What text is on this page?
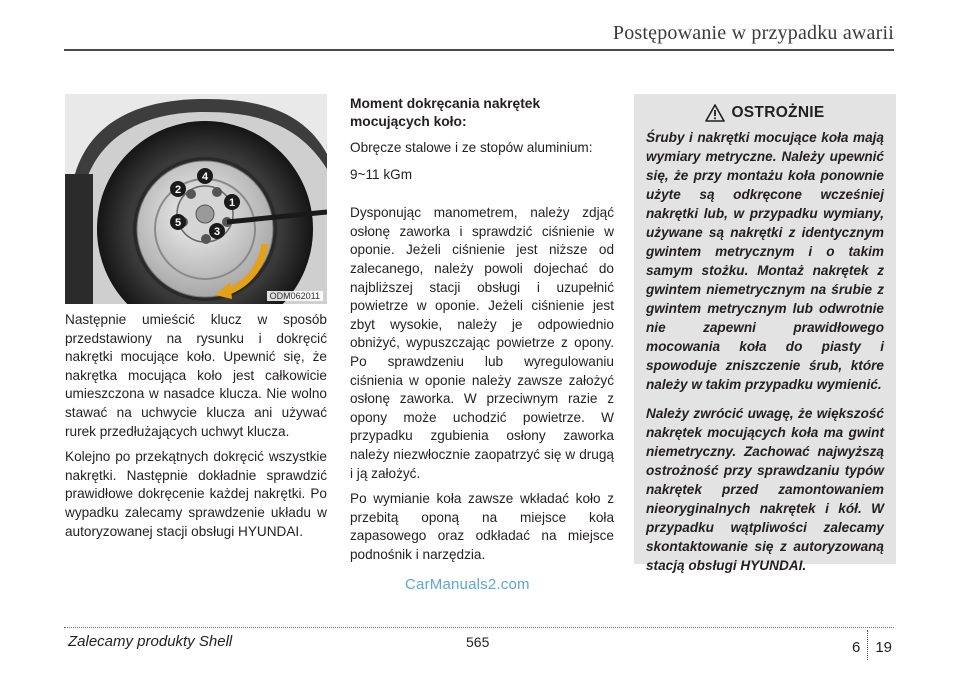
Postępowanie w przypadku awarii
1
2
3
4
5
ODM062011

Następnie umieścić klucz w sposób przedstawiony na rysunku i dokręcić nakrętki mocujące koło. Upewnić się, że nakrętka mocująca koło jest całkowicie umieszczona w nasadce klucza. Nie wolno stawać na uchwycie klucza ani używać rurek przedłużających uchwyt klucza.

Kolejno po przekątnych dokręcić wszystkie nakrętki. Następnie dokładnie sprawdzić prawidłowe dokręcenie każdej nakrętki. Po wypadku zalecamy sprawdzenie układu w autoryzowanej stacji obsługi HYUNDAI.

Moment dokręcania nakrętek mocujących koło:

Obręcze stalowe i ze stopów aluminium:

9~11 kGm

Dysponując manometrem, należy zdjąć osłonę zaworka i sprawdzić ciśnienie w oponie. Jeżeli ciśnienie jest niższe od zalecanego, należy powoli dojechać do najbliższej stacji obsługi i uzupełnić powietrze w oponie. Jeżeli ciśnienie jest zbyt wysokie, należy je odpowiednio obniżyć, wypuszczając powietrze z opony. Po sprawdzeniu lub wyregulowaniu ciśnienia w oponie należy zawsze założyć osłonę zaworka. W przeciwnym razie z opony może uchodzić powietrze. W przypadku zgubienia osłony zaworka należy niezwłocznie zaopatrzyć się w drugą i ją założyć.

Po wymianie koła zawsze wkładać koło z przebitą oponą na miejsce koła zapasowego oraz odkładać na miejsce podnośnik i narzędzia.

OSTROŻNIE

Śruby i nakrętki mocujące koła mają wymiary metryczne. Należy upewnić się, że przy montażu koła ponownie użyte są odkręcone wcześniej nakrętki lub, w przypadku wymiany, używane są nakrętki z identycznym gwintem metrycznym i o takim samym stożku. Montaż nakrętek z gwintem niemetrycznym na śrubie z gwintem metrycznym lub odwrotnie nie zapewni prawidłowego mocowania koła do piasty i spowoduje zniszczenie śrub, które należy w takim przypadku wymienić.

Należy zwrócić uwagę, że większość nakrętek mocujących koła ma gwint niemetryczny. Zachować najwyższą ostrożność przy sprawdzaniu typów nakrętek przed zamontowaniem nieoryginalnych nakrętek i kół. W przypadku wątpliwości zalecamy skontaktowanie się z autoryzowaną stacją obsługi HYUNDAI.

CarManuals2.com
Zalecamy produkty Shell	565	6 19
